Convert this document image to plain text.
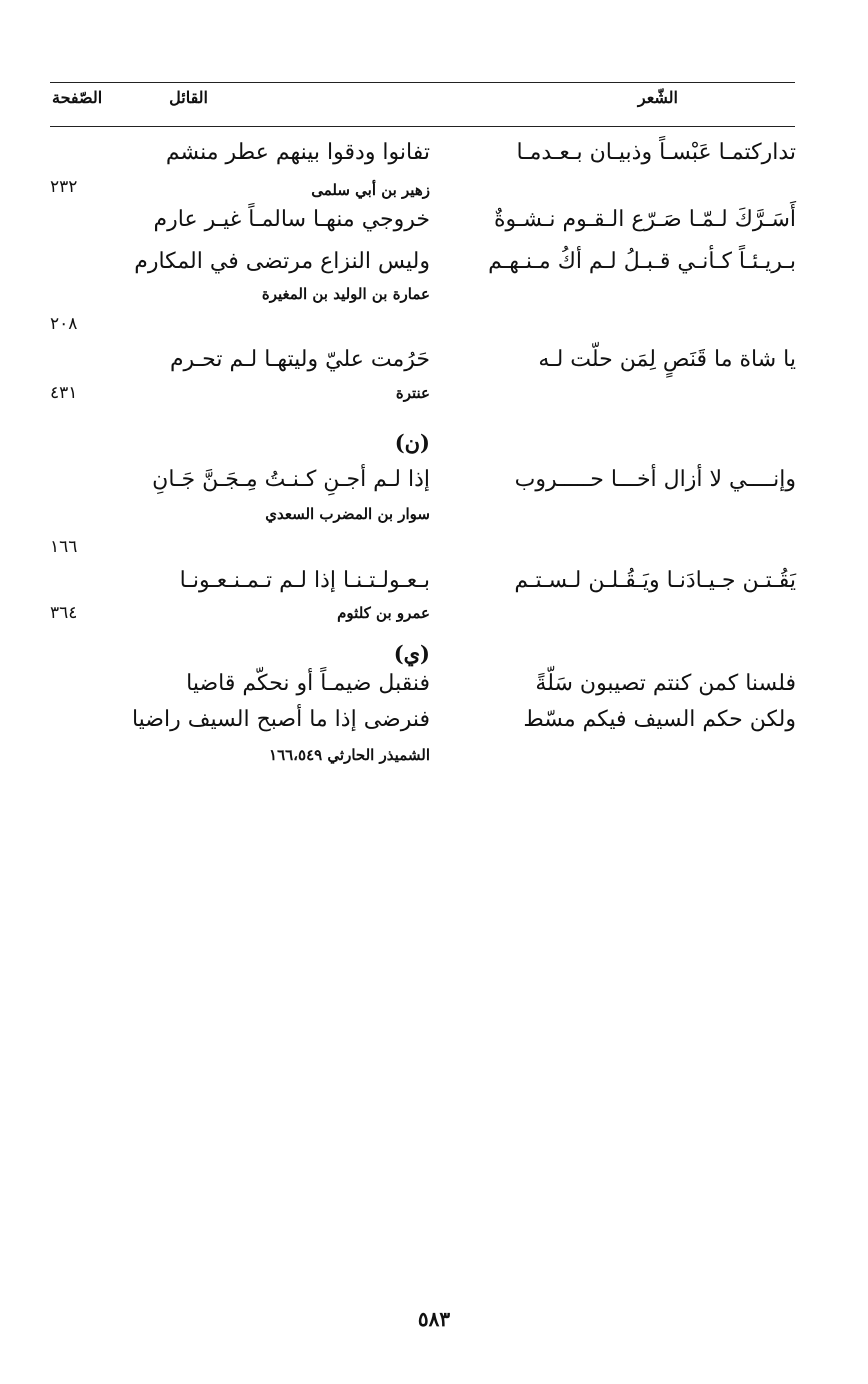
الشّعر
القائل
الصّفحة
تداركتمـا عَبْسـاً وذبيـان بـعـدمـا
تفانوا ودقوا بينهم عطر منشم
زهير بن أبي سلمى
٢٣٢
أَسَـرَّكَ لـمّـا صَـرّع الـقـوم نـشـوةٌ
خروجي منهـا سالمـاً غيـر عارم
بـريـئـاً كـأنـي قـبـلُ لـم أكُ مـنـهـم
وليس النزاع مرتضى في المكارم
عمارة بن الوليد بن المغيرة
٢٠٨
يا شاة ما قَنَصٍ لِمَن حلّت لـه
حَرُمت عليّ وليتهـا لـم تحـرم
عنترة
٤٣١
(ن)
وإنــــي لا أزال أخـــا حـــــروب
إذا لـم أجـنِ كـنـتُ مِـجَـنَّ جَـانِ
سوار بن المضرب السعدي
١٦٦
يَقُـتـن جـيـادَنـا ويَـقُـلـن لـسـتـم
بـعـولـتـنـا إذا لـم تـمـنـعـونـا
عمرو بن كلثوم
٣٦٤
(ي)
فلسنا كمن كنتم تصيبون سَلّةً
فنقبل ضيمـاً أو نحكّم قاضيا
ولكن حكم السيف فيكم مسّط
فنرضى إذا ما أصبح السيف راضيا
الشميذر الحارثي ١٦٦،٥٤٩
٥٨٣
